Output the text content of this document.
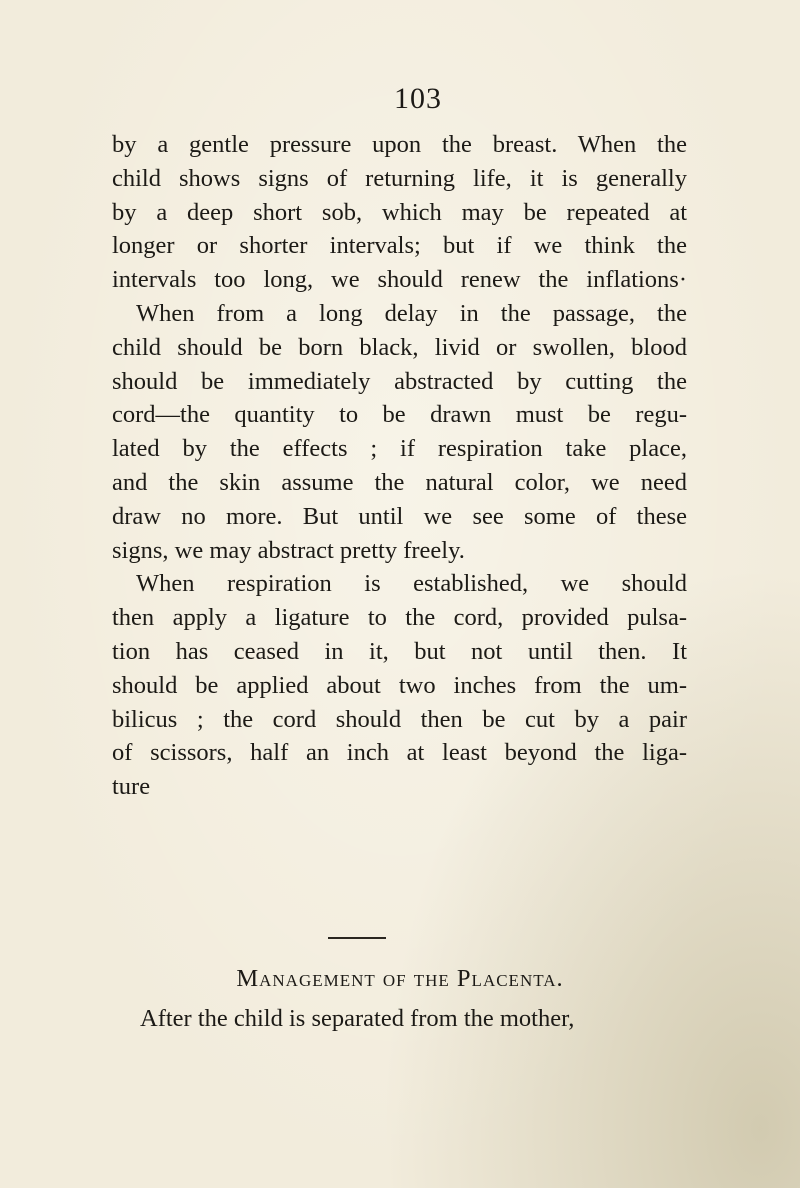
103
by a gentle pressure upon the breast. When the
child shows signs of returning life, it is generally
by a deep short sob, which may be repeated at
longer or shorter intervals; but if we think the
intervals too long, we should renew the inflations·
When from a long delay in the passage, the
child should be born black, livid or swollen, blood
should be immediately abstracted by cutting the
cord—the quantity to be drawn must be regu-
lated by the effects ; if respiration take place,
and the skin assume the natural color, we need
draw no more. But until we see some of these
signs, we may abstract pretty freely.
When respiration is established, we should
then apply a ligature to the cord, provided pulsa-
tion has ceased in it, but not until then. It
should be applied about two inches from the um-
bilicus ; the cord should then be cut by a pair
of scissors, half an inch at least beyond the liga-
ture
Management of the Placenta.
After the child is separated from the mother,
